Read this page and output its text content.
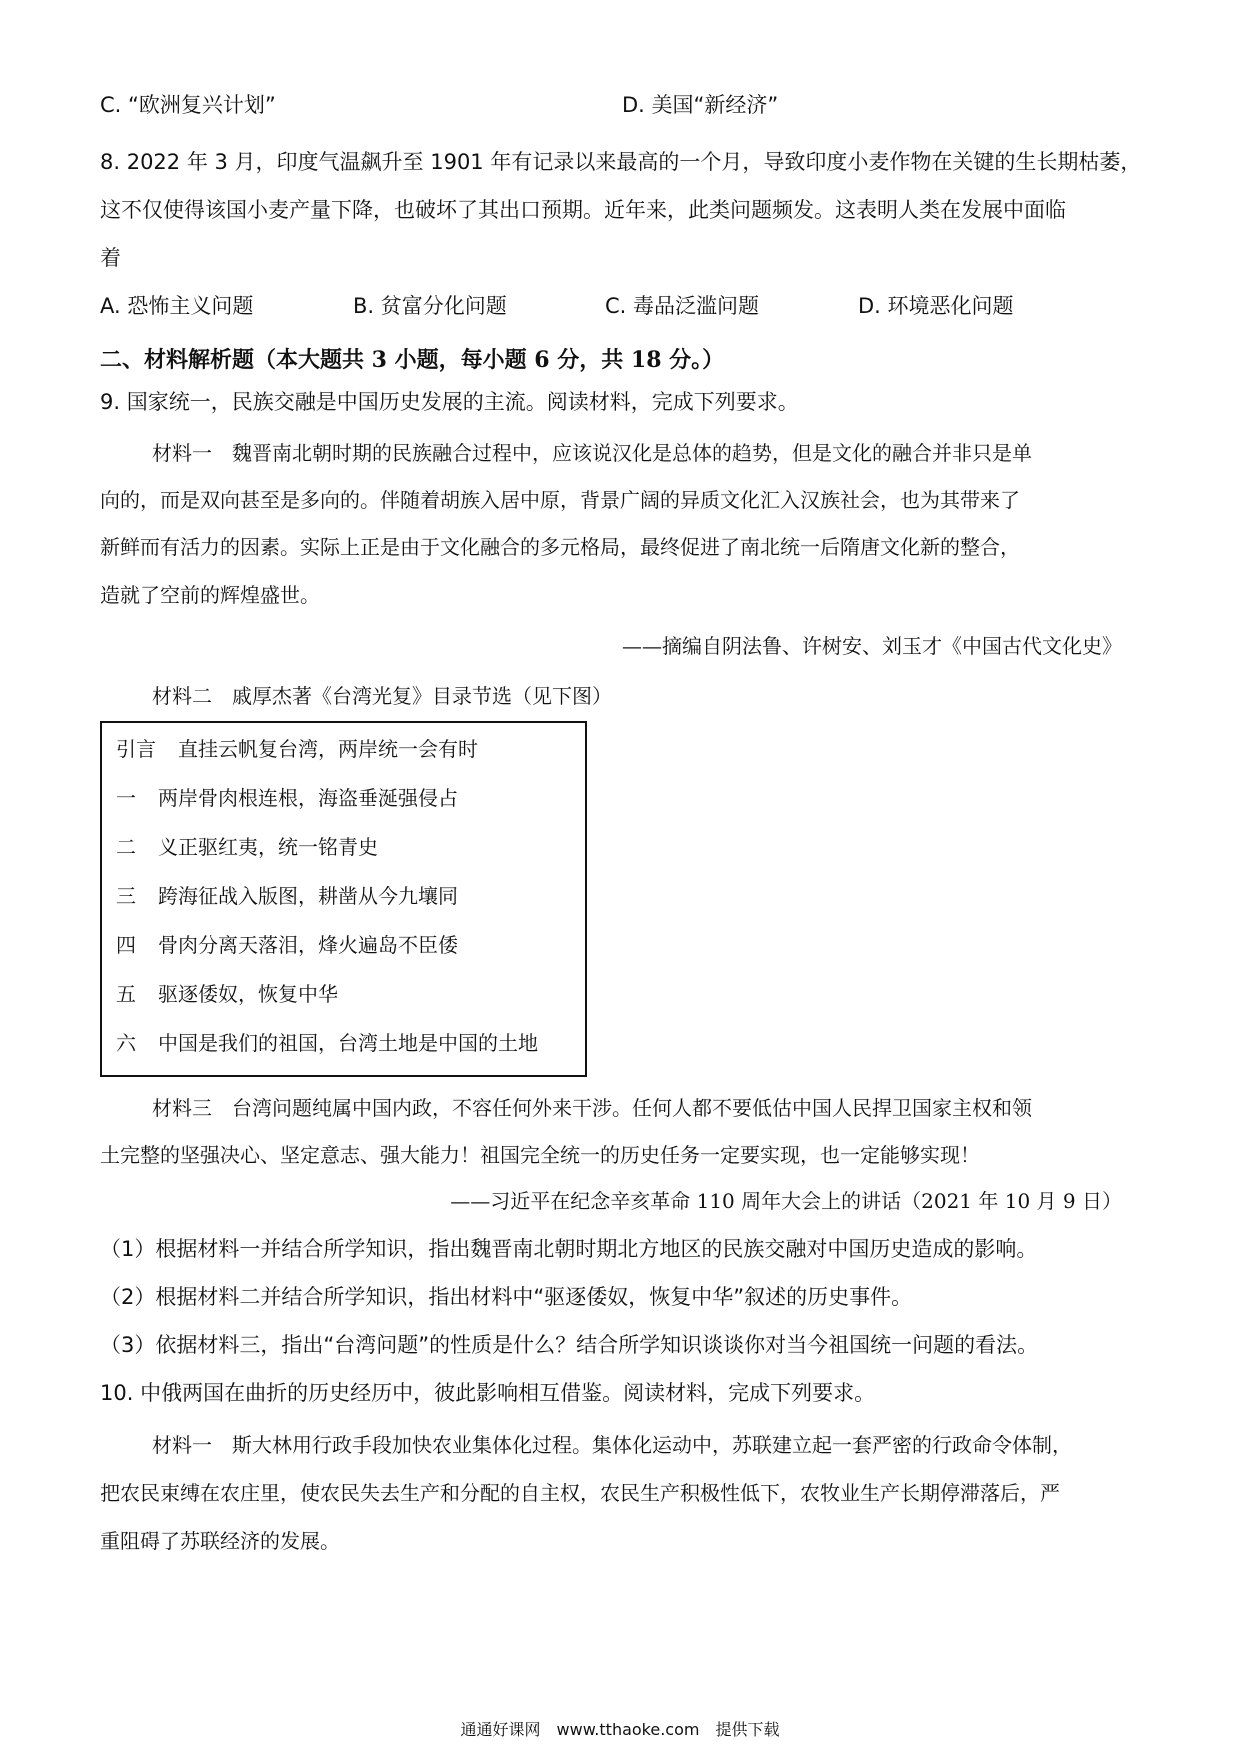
C. “欧洲复兴计划”	D. 美国“新经济”
8. 2022 年 3 月，印度气温飙升至 1901 年有记录以来最高的一个月，导致印度小麦作物在关键的生长期枯萎，
这不仅使得该国小麦产量下降，也破坏了其出口预期。近年来，此类问题频发。这表明人类在发展中面临
着
A. 恐怖主义问题	B. 贫富分化问题	C. 毒品泛滥问题	D. 环境恶化问题
二、材料解析题（本大题共 3 小题，每小题 6 分，共 18 分。）
9. 国家统一，民族交融是中国历史发展的主流。阅读材料，完成下列要求。
材料一　魏晋南北朝时期的民族融合过程中，应该说汉化是总体的趋势，但是文化的融合并非只是单
向的，而是双向甚至是多向的。伴随着胡族入居中原，背景广阔的异质文化汇入汉族社会，也为其带来了
新鲜而有活力的因素。实际上正是由于文化融合的多元格局，最终促进了南北统一后隋唐文化新的整合，
造就了空前的辉煌盛世。
——摘编自阴法鲁、许树安、刘玉才《中国古代文化史》
材料二　戚厚杰著《台湾光复》目录节选（见下图）
引言 直挂云帆复台湾，两岸统一会有时
一 两岸骨肉根连根，海盗垂涎强侵占
二 义正驱红夷，统一铭青史
三 跨海征战入版图，耕凿从今九壤同
四 骨肉分离天落泪，烽火遍岛不臣倭
五 驱逐倭奴，恢复中华
六 中国是我们的祖国，台湾土地是中国的土地
材料三　台湾问题纯属中国内政，不容任何外来干涉。任何人都不要低估中国人民捍卫国家主权和领
土完整的坚强决心、坚定意志、强大能力！祖国完全统一的历史任务一定要实现，也一定能够实现！
——习近平在纪念辛亥革命 110 周年大会上的讲话（2021 年 10 月 9 日）
（1）根据材料一并结合所学知识，指出魏晋南北朝时期北方地区的民族交融对中国历史造成的影响。
（2）根据材料二并结合所学知识，指出材料中“驱逐倭奴，恢复中华”叙述的历史事件。
（3）依据材料三，指出“台湾问题”的性质是什么？结合所学知识谈谈你对当今祖国统一问题的看法。
10. 中俄两国在曲折的历史经历中，彼此影响相互借鉴。阅读材料，完成下列要求。
材料一　斯大林用行政手段加快农业集体化过程。集体化运动中，苏联建立起一套严密的行政命令体制，
把农民束缚在农庄里，使农民失去生产和分配的自主权，农民生产积极性低下，农牧业生产长期停滞落后，严
重阻碍了苏联经济的发展。
通通好课网　www.tthaoke.com　提供下载
